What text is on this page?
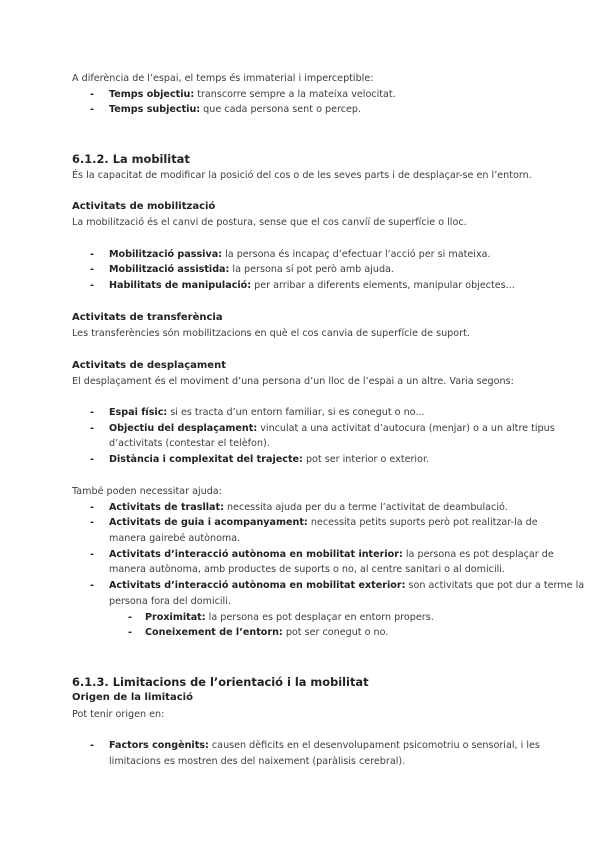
A diferència de l’espai, el temps és immaterial i imperceptible:
- Temps objectiu: transcorre sempre a la mateixa velocitat.
- Temps subjectiu: que cada persona sent o percep.
6.1.2. La mobilitat
És la capacitat de modificar la posició del cos o de les seves parts i de desplaçar-se en l’entorn.
Activitats de mobilització
La mobilització és el canvi de postura, sense que el cos canviï de superfície o lloc.
- Mobilització passiva: la persona és incapaç d’efectuar l’acció per si mateixa.
- Mobilització assistida: la persona sí pot però amb ajuda.
- Habilitats de manipulació: per arribar a diferents elements, manipular objectes...
Activitats de transferència
Les transferències són mobilitzacions en què el cos canvia de superfície de suport.
Activitats de desplaçament
El desplaçament és el moviment d’una persona d’un lloc de l’espai a un altre. Varia segons:
- Espai físic: si es tracta d’un entorn familiar, si es conegut o no...
- Objectiu del desplaçament: vinculat a una activitat d’autocura (menjar) o a un altre tipus
d’activitats (contestar el telèfon).
- Distància i complexitat del trajecte: pot ser interior o exterior.
També poden necessitar ajuda:
- Activitats de trasllat: necessita ajuda per du a terme l’activitat de deambulació.
- Activitats de guia i acompanyament: necessita petits suports però pot realitzar-la de
manera gairebé autònoma.
- Activitats d’interacció autònoma en mobilitat interior: la persona es pot desplaçar de
manera autònoma, amb productes de suports o no, al centre sanitari o al domicili.
- Activitats d’interacció autònoma en mobilitat exterior: son activitats que pot dur a terme la
persona fora del domicili.
- Proximitat: la persona es pot desplaçar en entorn propers.
- Coneixement de l’entorn: pot ser conegut o no.
6.1.3. Limitacions de l’orientació i la mobilitat
Origen de la limitació
Pot tenir origen en:
- Factors congènits: causen dèficits en el desenvolupament psicomotriu o sensorial, i les
limitacions es mostren des del naixement (paràlisis cerebral).
